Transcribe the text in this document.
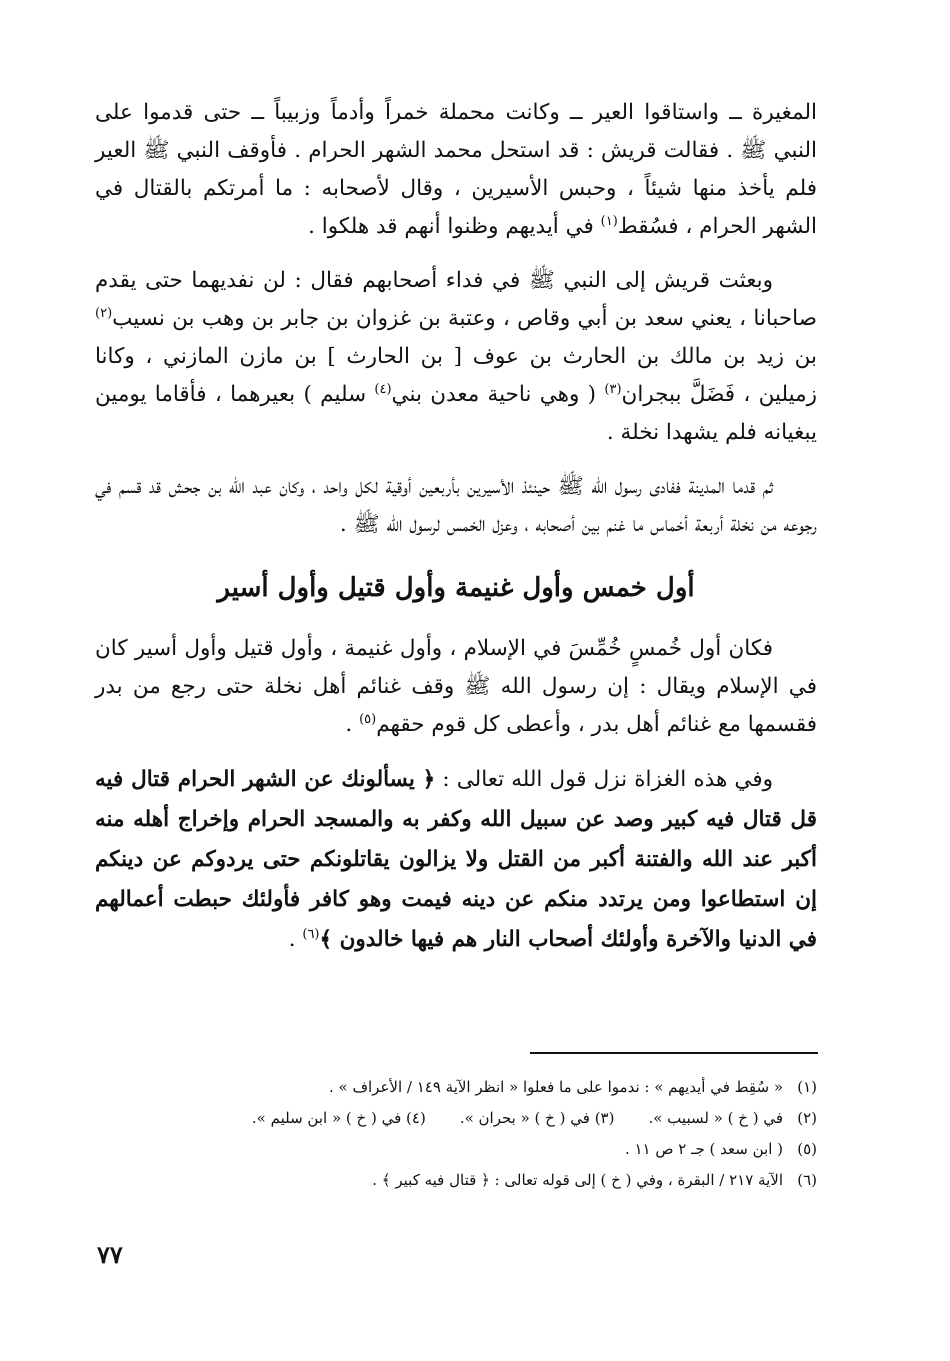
المغيرة ــ واستاقوا العير ــ وكانت محملة خمراً وأدماً وزبيباً ــ حتى قدموا على النبي ﷺ . فقالت قريش : قد استحل محمد الشهر الحرام . فأوقف النبي ﷺ العير فلم يأخذ منها شيئاً ، وحبس الأسيرين ، وقال لأصحابه : ما أمرتكم بالقتال في الشهر الحرام ، فسُقط$^{(١)}$ في أيديهم وظنوا أنهم قد هلكوا .

وبعثت قريش إلى النبي ﷺ في فداء أصحابهم فقال : لن نفديهما حتى يقدم صاحبانا ، يعني سعد بن أبي وقاص ، وعتبة بن غزوان بن جابر بن وهب بن نسيب$^{(٢)}$ بن زيد بن مالك بن الحارث بن عوف [ بن الحارث ] بن مازن المازني ، وكانا زميلين ، فَضَلَّ ببجران$^{(٣)}$ ( وهي ناحية معدن بني$^{(٤)}$ سليم ) بعيرهما ، فأقاما يومين يبغيانه فلم يشهدا نخلة .

ثم قدما المدينة ففادى رسول الله ﷺ حينئذ الأسيرين بأربعين أوقية لكل واحد ، وكان عبد الله بن جحش قد قسم في رجوعه من نخلة أربعة أخماس ما غنم بين أصحابه ، وعزل الخمس لرسول الله ﷺ .

أول خمس وأول غنيمة وأول قتيل وأول أسير

فكان أول خُمسٍ خُمِّسَ في الإسلام ، وأول غنيمة ، وأول قتيل وأول أسير كان في الإسلام ويقال : إن رسول الله ﷺ وقف غنائم أهل نخلة حتى رجع من بدر فقسمها مع غنائم أهل بدر ، وأعطى كل قوم حقهم$^{(٥)}$ .

وفي هذه الغزاة نزل قول الله تعالى : ﴿ يسألونك عن الشهر الحرام قتال فيه قل قتال فيه كبير وصد عن سبيل الله وكفر به والمسجد الحرام وإخراج أهله منه أكبر عند الله والفتنة أكبر من القتل ولا يزالون يقاتلونكم حتى يردوكم عن دينكم إن استطاعوا ومن يرتدد منكم عن دينه فيمت وهو كافر فأولئك حبطت أعمالهم في الدنيا والآخرة وأولئك أصحاب النار هم فيها خالدون ﴾$^{(٦)}$ .

(١)
« سُقِط في أيديهم » : ندموا على ما فعلوا « انظر الآية ١٤٩ / الأعراف » .
(٢)
في ( خ ) « لسبيب ».
(٣) في ( خ ) « بحران ».
(٤) في ( خ ) « ابن سليم ».
(٥)
( ابن سعد ) جـ ٢ ص ١١ .
(٦)
الآية ٢١٧ / البقرة ، وفي ( خ ) إلى قوله تعالى : ﴿ قتال فيه كبير ﴾ .
٧٧
